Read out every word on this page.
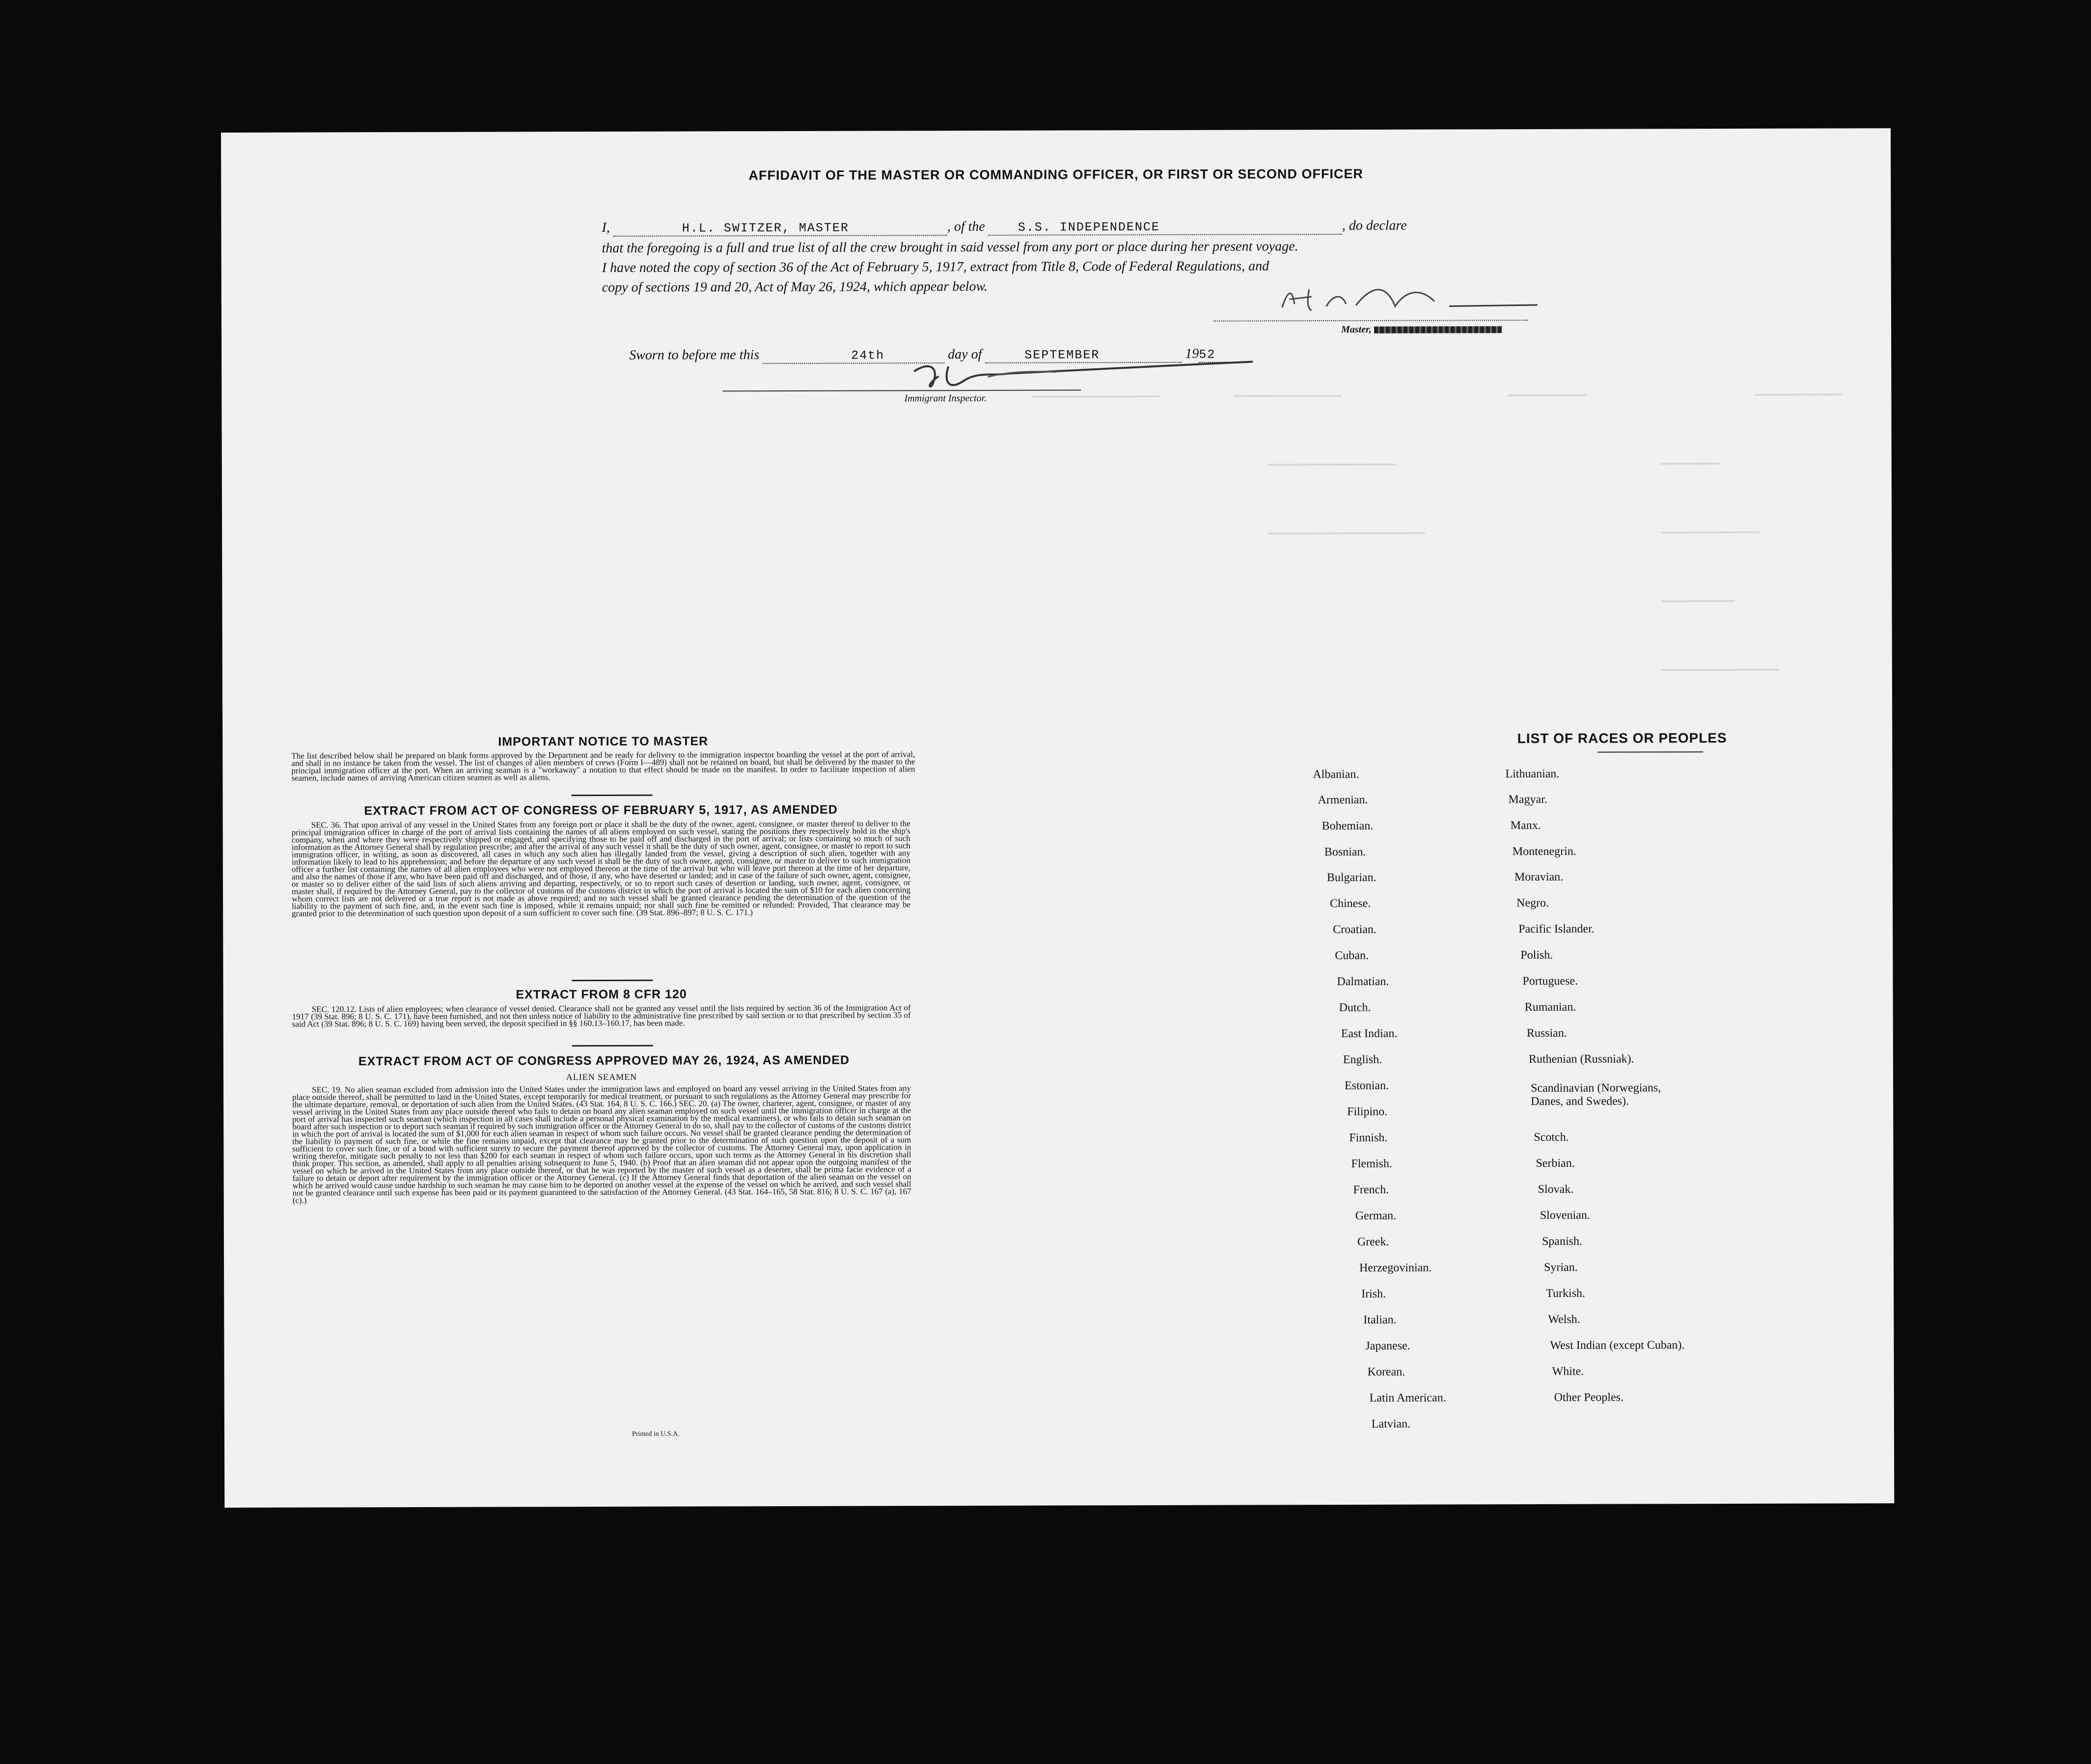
AFFIDAVIT OF THE MASTER OR COMMANDING OFFICER, OR FIRST OR SECOND OFFICER
I,	H.L. SWITZER, MASTER	, of the	S.S. INDEPENDENCE	, do declare
that the foregoing is a full and true list of all the crew brought in said vessel from any port or place during her present voyage.
I have noted the copy of section 36 of the Act of February 5, 1917, extract from Title 8, Code of Federal Regulations, and
copy of sections 19 and 20, Act of May 26, 1924, which appear below.
Master,
Sworn to before me this	24th	day of	SEPTEMBER	1952
Immigrant Inspector.
IMPORTANT NOTICE TO MASTER
The list described below shall be prepared on blank forms approved by the Department and be ready for delivery to the immigration inspector boarding the vessel at the port of arrival, and shall in no instance be taken from the vessel. The list of changes of alien members of crews (Form I—489) shall not be retained on board, but shall be delivered by the master to the principal immigration officer at the port. When an arriving seaman is a "workaway" a notation to that effect should be made on the manifest. In order to facilitate inspection of alien seamen, include names of arriving American citizen seamen as well as aliens.
EXTRACT FROM ACT OF CONGRESS OF FEBRUARY 5, 1917, AS AMENDED
SEC. 36. That upon arrival of any vessel in the United States from any foreign port or place it shall be the duty of the owner, agent, consignee, or master thereof to deliver to the principal immigration officer in charge of the port of arrival lists containing the names of all aliens employed on such vessel, stating the positions they respectively hold in the ship's company, when and where they were respectively shipped or engaged, and specifying those to be paid off and discharged in the port of arrival; or lists containing so much of such information as the Attorney General shall by regulation prescribe; and after the arrival of any such vessel it shall be the duty of such owner, agent, consignee, or master to report to such immigration officer, in writing, as soon as discovered, all cases in which any such alien has illegally landed from the vessel, giving a description of such alien, together with any information likely to lead to his apprehension; and before the departure of any such vessel it shall be the duty of such owner, agent, consignee, or master to deliver to such immigration officer a further list containing the names of all alien employees who were not employed thereon at the time of the arrival but who will leave port thereon at the time of her departure, and also the names of those if any, who have been paid off and discharged, and of those, if any, who have deserted or landed; and in case of the failure of such owner, agent, consignee, or master so to deliver either of the said lists of such aliens arriving and departing, respectively, or so to report such cases of desertion or landing, such owner, agent, consignee, or master shall, if required by the Attorney General, pay to the collector of customs of the customs district in which the port of arrival is located the sum of $10 for each alien concerning whom correct lists are not delivered or a true report is not made as above required; and no such vessel shall be granted clearance pending the determination of the question of the liability to the payment of such fine, and, in the event such fine is imposed, while it remains unpaid; nor shall such fine be remitted or refunded: Provided, That clearance may be granted prior to the determination of such question upon deposit of a sum sufficient to cover such fine. (39 Stat. 896–897; 8 U. S. C. 171.)
EXTRACT FROM 8 CFR 120
SEC. 120.12. Lists of alien employees; when clearance of vessel denied. Clearance shall not be granted any vessel until the lists required by section 36 of the Immigration Act of 1917 (39 Stat. 896; 8 U. S. C. 171), have been furnished, and not then unless notice of liability to the administrative fine prescribed by said section or to that prescribed by section 35 of said Act (39 Stat. 896; 8 U. S. C. 169) having been served, the deposit specified in §§ 160.13–160.17, has been made.
EXTRACT FROM ACT OF CONGRESS APPROVED MAY 26, 1924, AS AMENDED
ALIEN SEAMEN
SEC. 19. No alien seaman excluded from admission into the United States under the immigration laws and employed on board any vessel arriving in the United States from any place outside thereof, shall be permitted to land in the United States, except temporarily for medical treatment, or pursuant to such regulations as the Attorney General may prescribe for the ultimate departure, removal, or deportation of such alien from the United States. (43 Stat. 164, 8 U. S. C. 166.) SEC. 20. (a) The owner, charterer, agent, consignee, or master of any vessel arriving in the United States from any place outside thereof who fails to detain on board any alien seaman employed on such vessel until the immigration officer in charge at the port of arrival has inspected such seaman (which inspection in all cases shall include a personal physical examination by the medical examiners), or who fails to detain such seaman on board after such inspection or to deport such seaman if required by such immigration officer or the Attorney General to do so, shall pay to the collector of customs of the customs district in which the port of arrival is located the sum of $1,000 for each alien seaman in respect of whom such failure occurs. No vessel shall be granted clearance pending the determination of the liability to payment of such fine, or while the fine remains unpaid, except that clearance may be granted prior to the determination of such question upon the deposit of a sum sufficient to cover such fine, or of a bond with sufficient surety to secure the payment thereof approved by the collector of customs. The Attorney General may, upon application in writing therefor, mitigate such penalty to not less than $200 for each seaman in respect of whom such failure occurs, upon such terms as the Attorney General in his discretion shall think proper. This section, as amended, shall apply to all penalties arising subsequent to June 5, 1940. (b) Proof that an alien seaman did not appear upon the outgoing manifest of the vessel on which he arrived in the United States from any place outside thereof, or that he was reported by the master of such vessel as a deserter, shall be prima facie evidence of a failure to detain or deport after requirement by the immigration officer or the Attorney General. (c) If the Attorney General finds that deportation of the alien seaman on the vessel on which he arrived would cause undue hardship to such seaman he may cause him to be deported on another vessel at the expense of the vessel on which he arrived, and such vessel shall not be granted clearance until such expense has been paid or its payment guaranteed to the satisfaction of the Attorney General. (43 Stat. 164–165, 58 Stat. 816; 8 U. S. C. 167 (a), 167 (c).)
Printed in U.S.A.
LIST OF RACES OR PEOPLES
Albanian.
Armenian.
Bohemian.
Bosnian.
Bulgarian.
Chinese.
Croatian.
Cuban.
Dalmatian.
Dutch.
East Indian.
English.
Estonian.
Filipino.
Finnish.
Flemish.
French.
German.
Greek.
Herzegovinian.
Irish.
Italian.
Japanese.
Korean.
Latin American.
Latvian.
Lithuanian.
Magyar.
Manx.
Montenegrin.
Moravian.
Negro.
Pacific Islander.
Polish.
Portuguese.
Rumanian.
Russian.
Ruthenian (Russniak).
Scandinavian (Norwegians,
Danes, and Swedes).
Scotch.
Serbian.
Slovak.
Slovenian.
Spanish.
Syrian.
Turkish.
Welsh.
West Indian (except Cuban).
White.
Other Peoples.
